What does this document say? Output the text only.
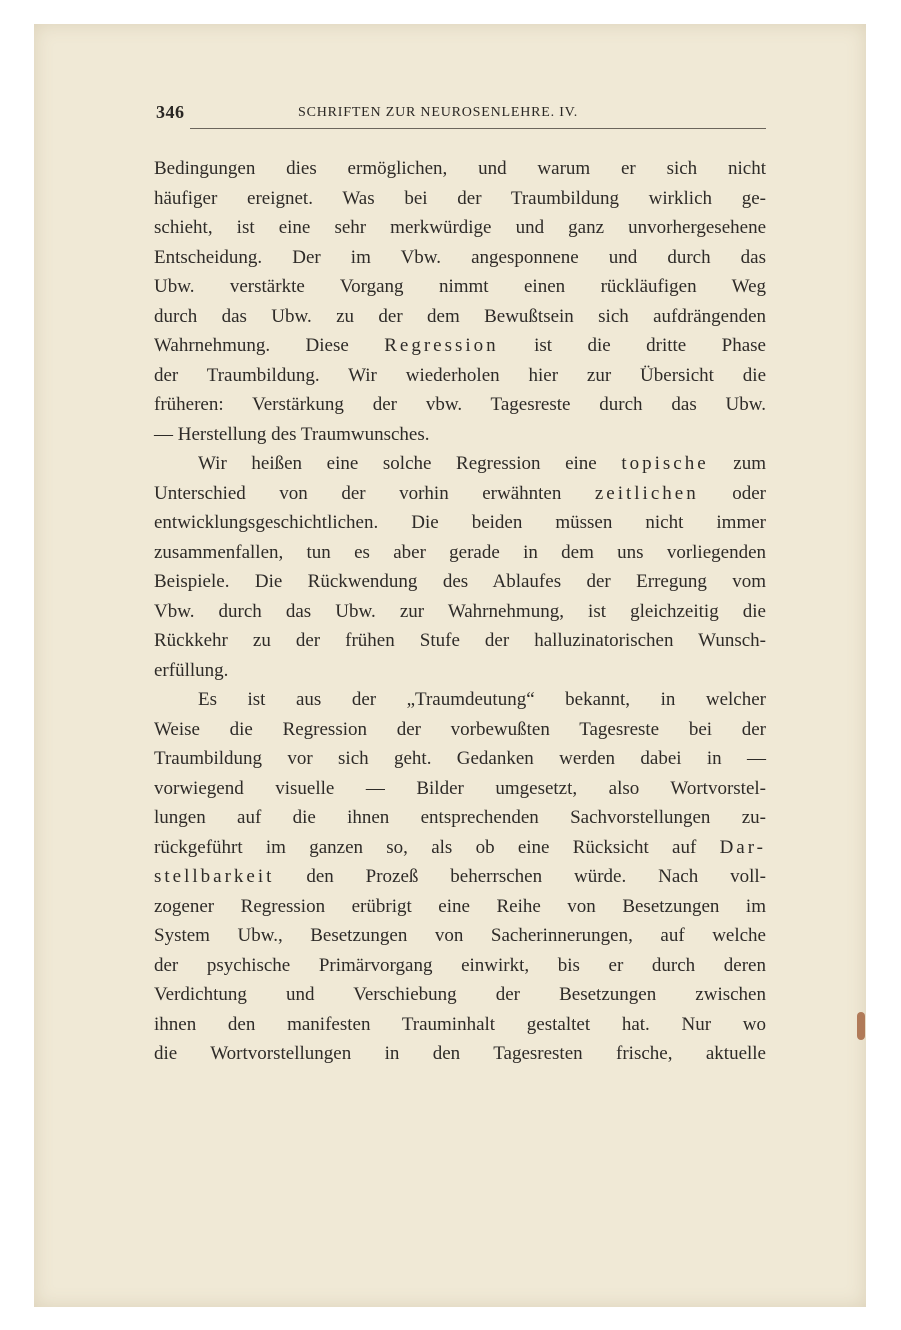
346	SCHRIFTEN ZUR NEUROSENLEHRE. IV.
Bedingungen dies ermöglichen, und warum er sich nicht
häufiger ereignet. Was bei der Traumbildung wirklich ge-
schieht, ist eine sehr merkwürdige und ganz unvorhergesehene
Entscheidung. Der im Vbw. angesponnene und durch das
Ubw. verstärkte Vorgang nimmt einen rückläufigen Weg
durch das Ubw. zu der dem Bewußtsein sich aufdrängenden
Wahrnehmung. Diese Regression ist die dritte Phase
der Traumbildung. Wir wiederholen hier zur Übersicht die
früheren: Verstärkung der vbw. Tagesreste durch das Ubw.
— Herstellung des Traumwunsches.
Wir heißen eine solche Regression eine topische zum
Unterschied von der vorhin erwähnten zeitlichen oder
entwicklungsgeschichtlichen. Die beiden müssen nicht immer
zusammenfallen, tun es aber gerade in dem uns vorliegenden
Beispiele. Die Rückwendung des Ablaufes der Erregung vom
Vbw. durch das Ubw. zur Wahrnehmung, ist gleichzeitig die
Rückkehr zu der frühen Stufe der halluzinatorischen Wunsch-
erfüllung.
Es ist aus der „Traumdeutung“ bekannt, in welcher
Weise die Regression der vorbewußten Tagesreste bei der
Traumbildung vor sich geht. Gedanken werden dabei in —
vorwiegend visuelle — Bilder umgesetzt, also Wortvorstel-
lungen auf die ihnen entsprechenden Sachvorstellungen zu-
rückgeführt im ganzen so, als ob eine Rücksicht auf Dar-
stellbarkeit den Prozeß beherrschen würde. Nach voll-
zogener Regression erübrigt eine Reihe von Besetzungen im
System Ubw., Besetzungen von Sacherinnerungen, auf welche
der psychische Primärvorgang einwirkt, bis er durch deren
Verdichtung und Verschiebung der Besetzungen zwischen
ihnen den manifesten Trauminhalt gestaltet hat. Nur wo
die Wortvorstellungen in den Tagesresten frische, aktuelle
